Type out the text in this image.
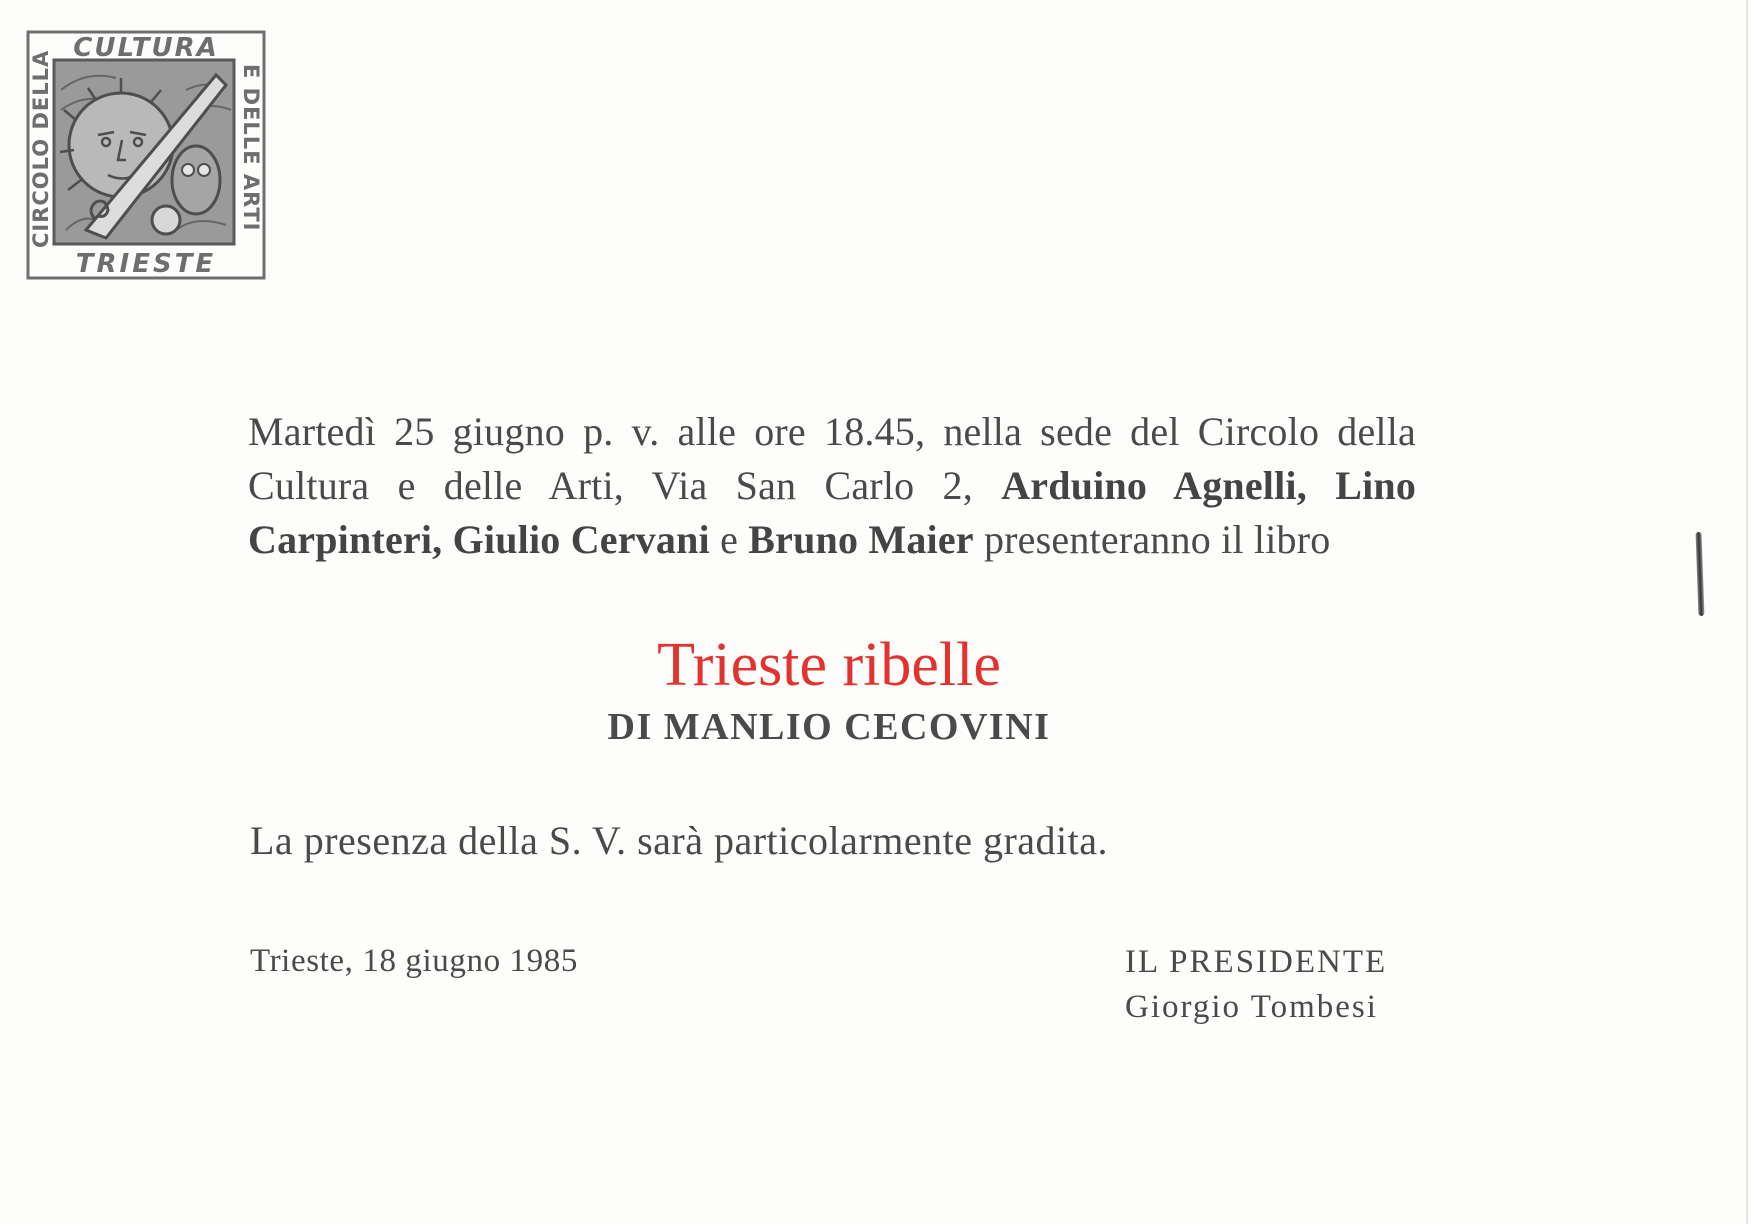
CULTURA
TRIESTE
CIRCOLO DELLA	E DELLE ARTI
Martedì 25 giugno p. v. alle ore 18.45, nella sede del Circolo della Cultura e delle Arti, Via San Carlo 2, Arduino Agnelli, Lino Carpinteri, Giulio Cervani e Bruno Maier presenteranno il libro
Trieste ribelle
DI MANLIO CECOVINI
La presenza della S. V. sarà particolarmente gradita.
Trieste, 18 giugno 1985	IL PRESIDENTE
Giorgio Tombesi
